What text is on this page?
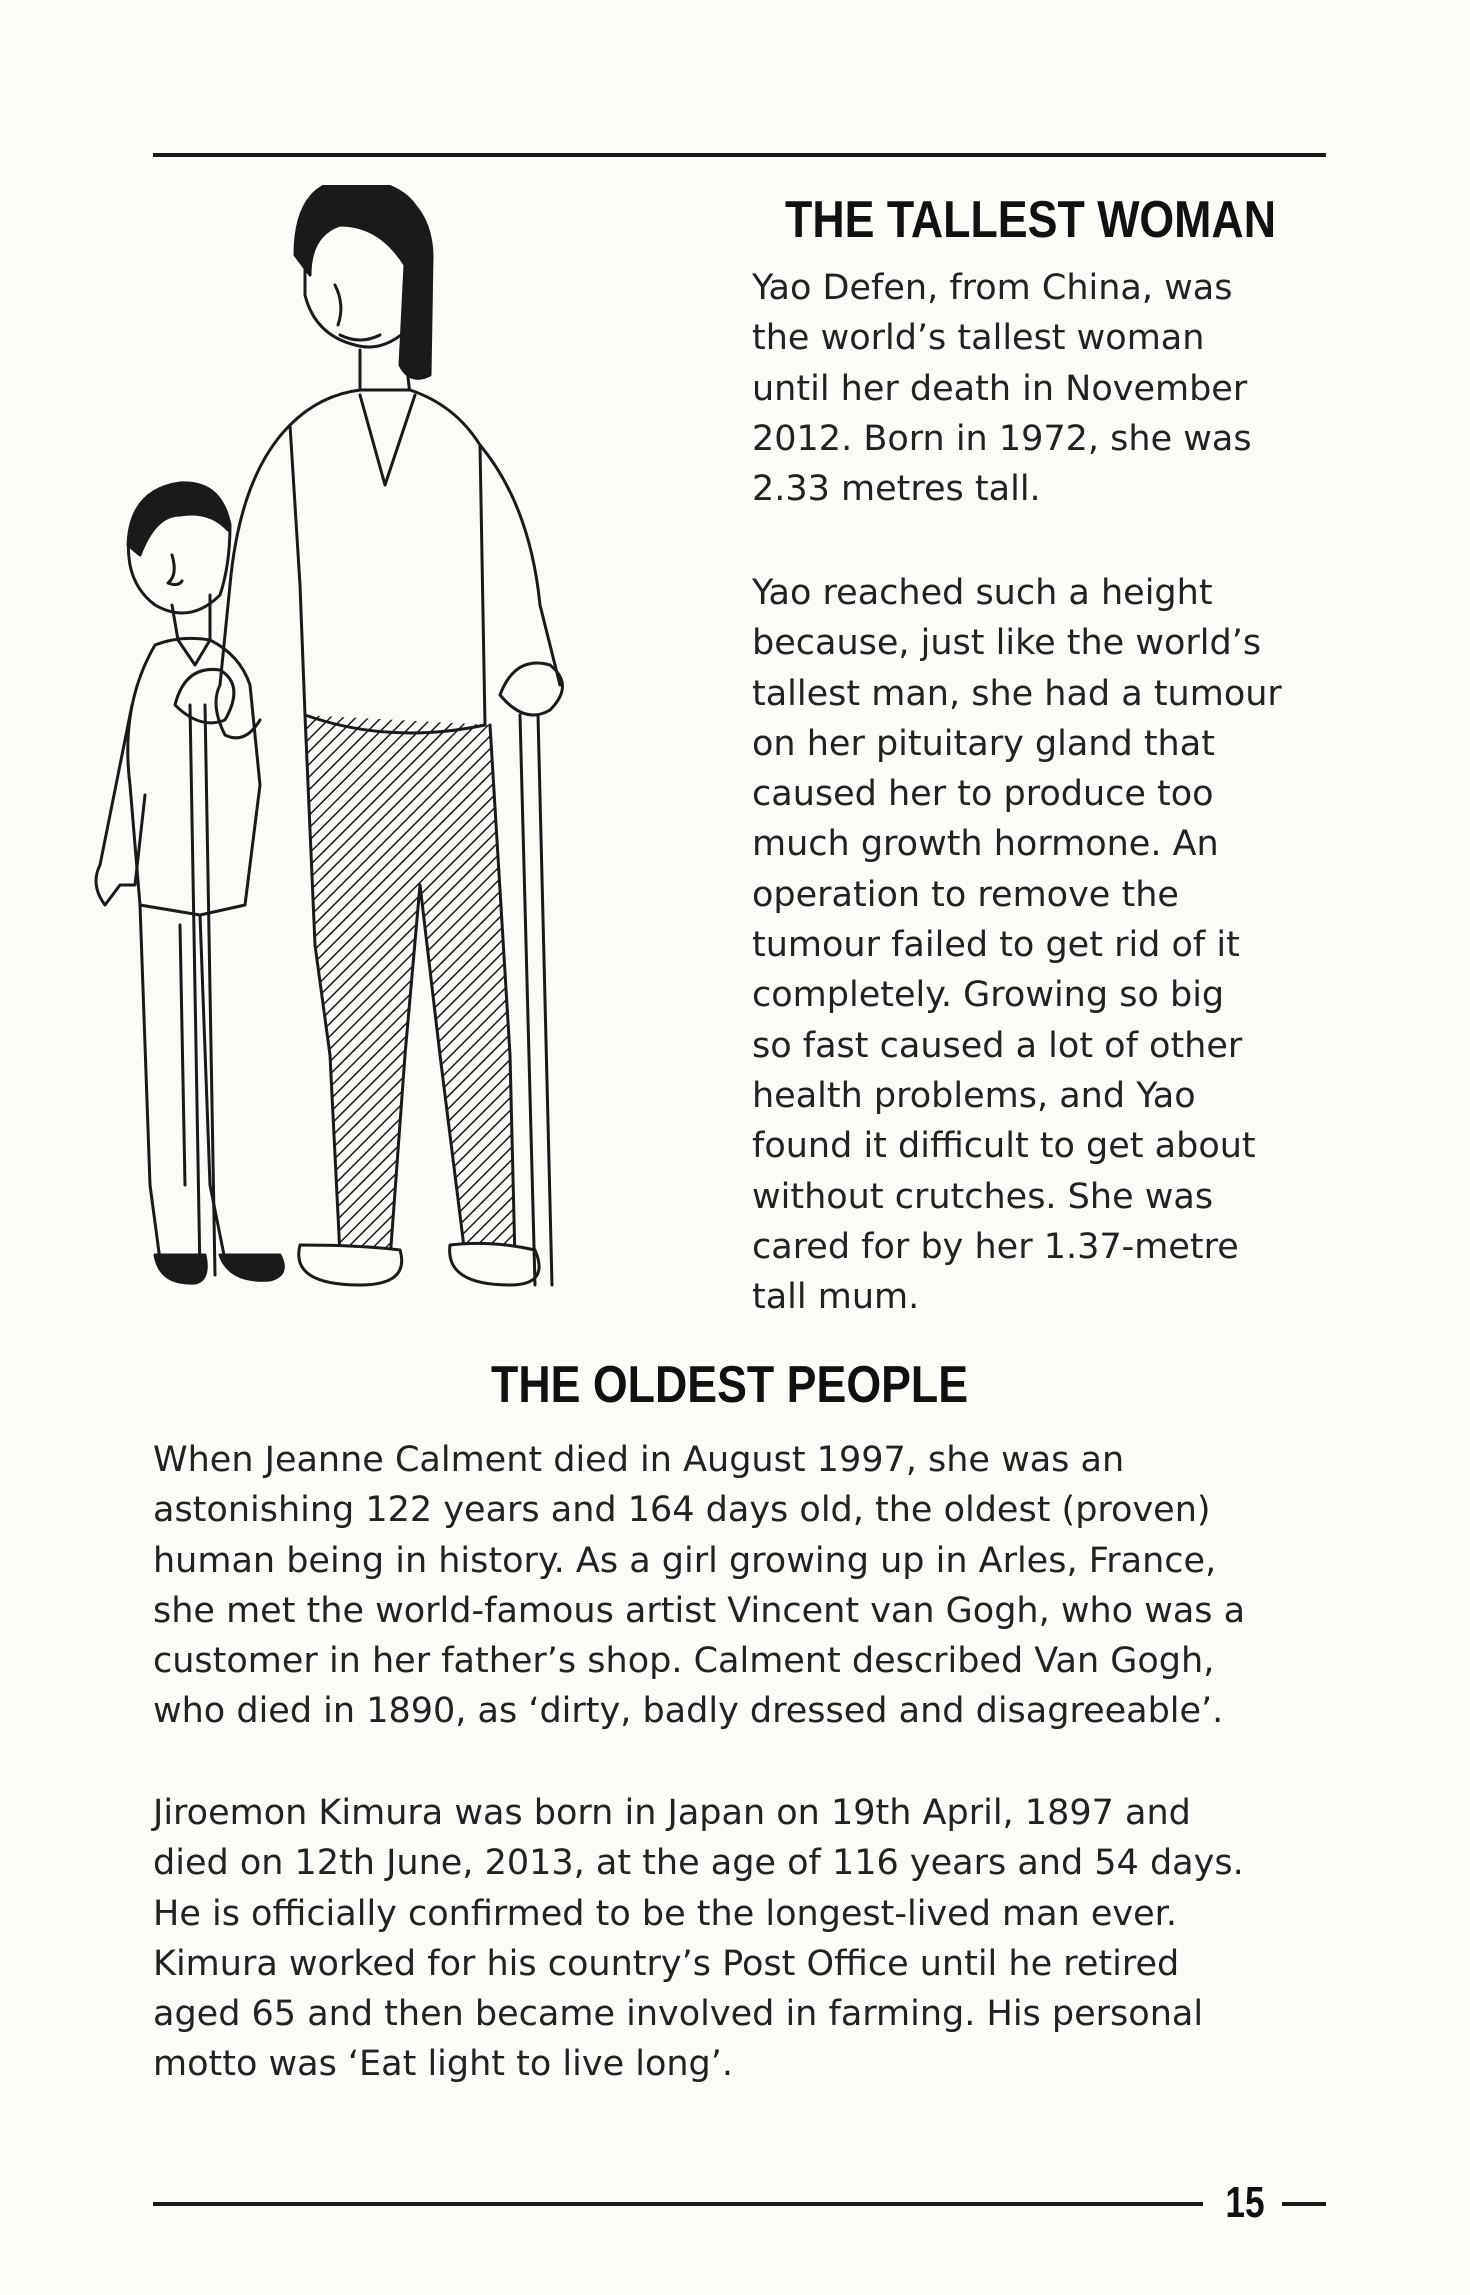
THE TALLEST WOMAN

Yao Defen, from China, was
the world’s tallest woman
until her death in November
2012. Born in 1972, she was
2.33 metres tall.

Yao reached such a height
because, just like the world’s
tallest man, she had a tumour
on her pituitary gland that
caused her to produce too
much growth hormone. An
operation to remove the
tumour failed to get rid of it
completely. Growing so big
so fast caused a lot of other
health problems, and Yao
found it difficult to get about
without crutches. She was
cared for by her 1.37-metre
tall mum.

THE OLDEST PEOPLE

When Jeanne Calment died in August 1997, she was an
astonishing 122 years and 164 days old, the oldest (proven)
human being in history. As a girl growing up in Arles, France,
she met the world-famous artist Vincent van Gogh, who was a
customer in her father’s shop. Calment described Van Gogh,
who died in 1890, as ‘dirty, badly dressed and disagreeable’.

Jiroemon Kimura was born in Japan on 19th April, 1897 and
died on 12th June, 2013, at the age of 116 years and 54 days.
He is officially confirmed to be the longest-lived man ever.
Kimura worked for his country’s Post Office until he retired
aged 65 and then became involved in farming. His personal
motto was ‘Eat light to live long’.

15
